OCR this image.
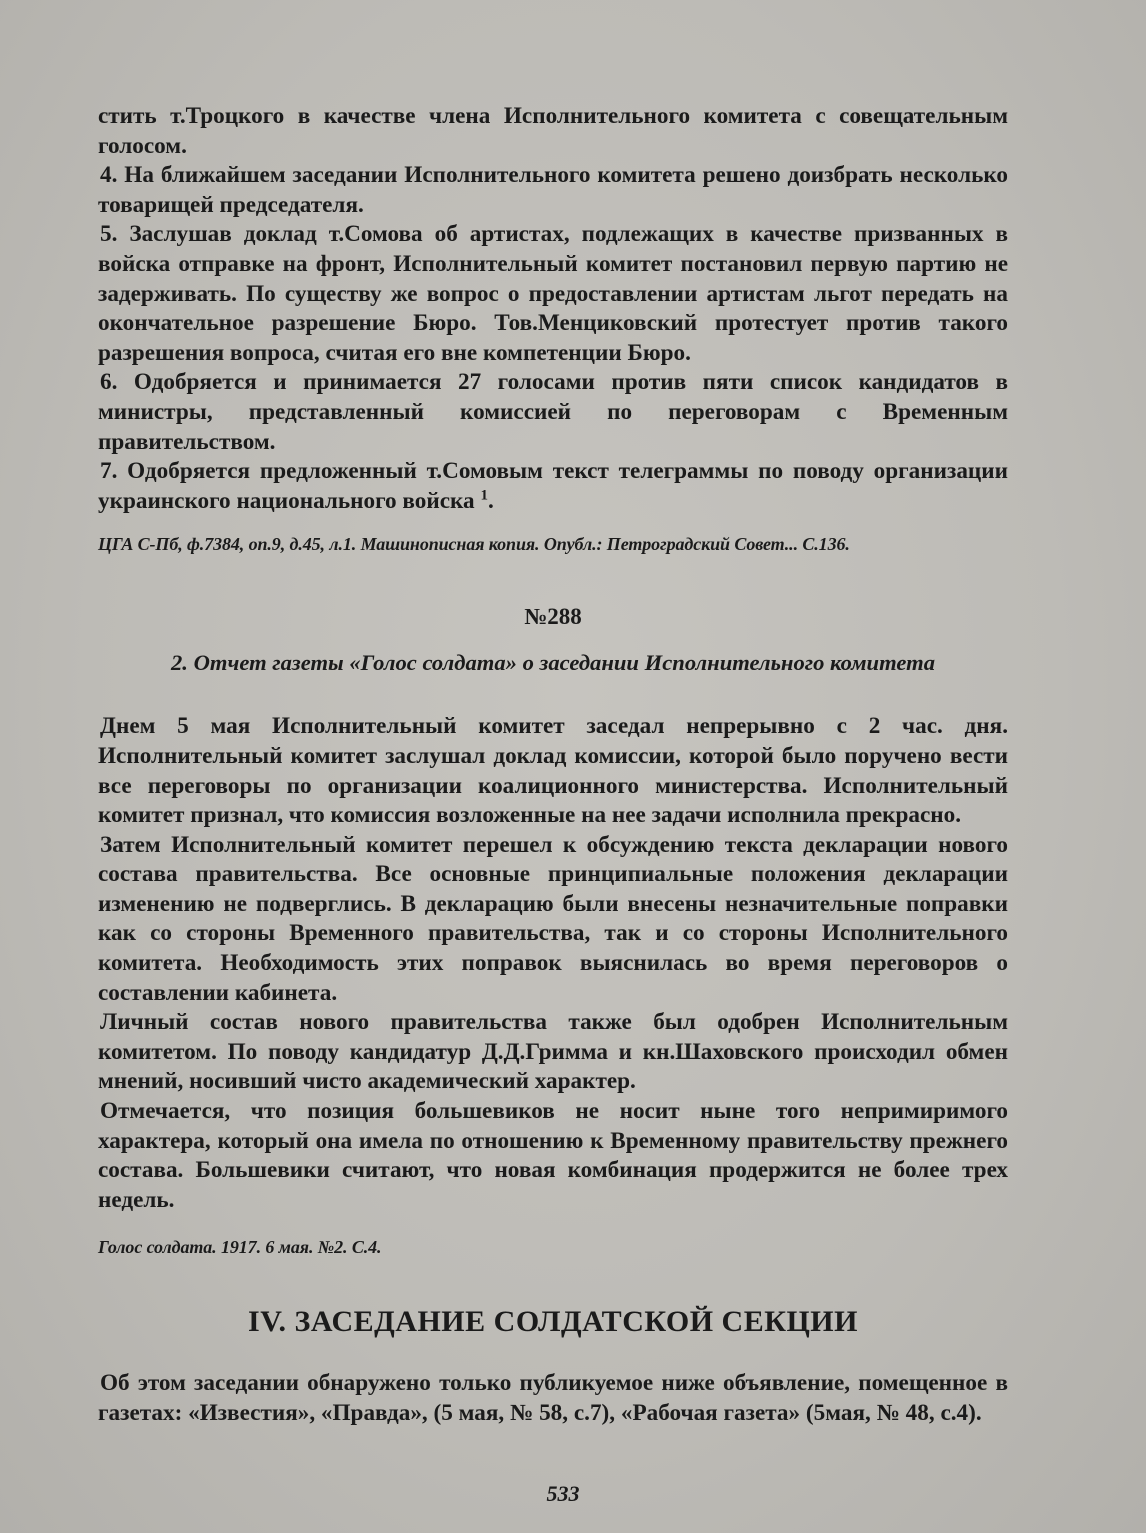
стить т.Троцкого в качестве члена Исполнительного комитета с совещательным голосом.

4. На ближайшем заседании Исполнительного комитета решено доизбрать несколько товарищей председателя.

5. Заслушав доклад т.Сомова об артистах, подлежащих в качестве призванных в войска отправке на фронт, Исполнительный комитет постановил первую партию не задерживать. По существу же вопрос о предоставлении артистам льгот передать на окончательное разрешение Бюро. Тов.Менциковский протестует против такого разрешения вопроса, считая его вне компетенции Бюро.

6. Одобряется и принимается 27 голосами против пяти список кандидатов в министры, представленный комиссией по переговорам с Временным правительством.

7. Одобряется предложенный т.Сомовым текст телеграммы по поводу организации украинского национального войска $^1$.

ЦГА С-Пб, ф.7384, оп.9, д.45, л.1. Машинописная копия. Опубл.: Петроградский Совет... С.136.

№288

2. Отчет газеты «Голос солдата» о заседании Исполнительного комитета

Днем 5 мая Исполнительный комитет заседал непрерывно с 2 час. дня. Исполнительный комитет заслушал доклад комиссии, которой было поручено вести все переговоры по организации коалиционного министерства. Исполнительный комитет признал, что комиссия возложенные на нее задачи исполнила прекрасно.

Затем Исполнительный комитет перешел к обсуждению текста декларации нового состава правительства. Все основные принципиальные положения декларации изменению не подверглись. В декларацию были внесены незначительные поправки как со стороны Временного правительства, так и со стороны Исполнительного комитета. Необходимость этих поправок выяснилась во время переговоров о составлении кабинета.

Личный состав нового правительства также был одобрен Исполнительным комитетом. По поводу кандидатур Д.Д.Гримма и кн.Шаховского происходил обмен мнений, носивший чисто академический характер.

Отмечается, что позиция большевиков не носит ныне того непримиримого характера, который она имела по отношению к Временному правительству прежнего состава. Большевики считают, что новая комбинация продержится не более трех недель.

Голос солдата. 1917. 6 мая. №2. С.4.

IV. ЗАСЕДАНИЕ СОЛДАТСКОЙ СЕКЦИИ

Об этом заседании обнаружено только публикуемое ниже объявление, помещенное в газетах: «Известия», «Правда», (5 мая, № 58, с.7), «Рабочая газета» (5мая, № 48, с.4).

533
